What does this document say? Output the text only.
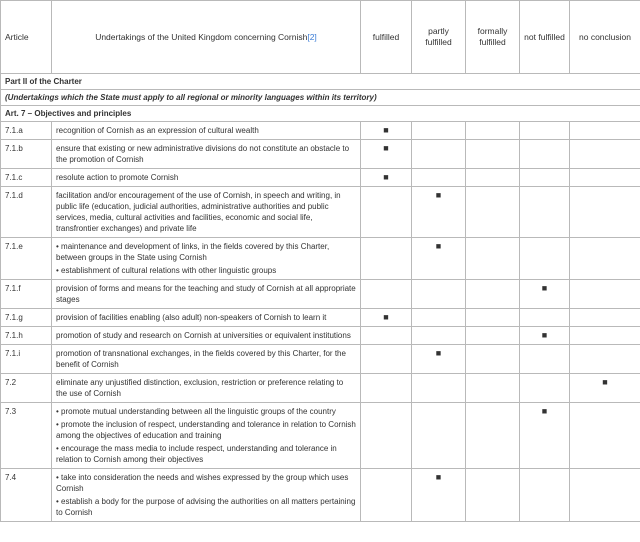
Article	Undertakings of the United Kingdom concerning Cornish[2]	fulfilled	partly fulfilled	formally fulfilled	not fulfilled	no conclusion
Part II of the Charter						
(Undertakings which the State must apply to all regional or minority languages within its territory)						
Art. 7 – Objectives and principles						
7.1.a	recognition of Cornish as an expression of cultural wealth	■				
7.1.b	ensure that existing or new administrative divisions do not constitute an obstacle to the promotion of Cornish	■				
7.1.c	resolute action to promote Cornish	■				
7.1.d	facilitation and/or encouragement of the use of Cornish, in speech and writing, in public life (education, judicial authorities, administrative authorities and public services, media, cultural activities and facilities, economic and social life, transfrontier exchanges) and private life		■			
7.1.e	• maintenance and development of links, in the fields covered by this Charter, between groups in the State using Cornish
• establishment of cultural relations with other linguistic groups		■			
7.1.f	provision of forms and means for the teaching and study of Cornish at all appropriate stages				■	
7.1.g	provision of facilities enabling (also adult) non-speakers of Cornish to learn it	■				
7.1.h	promotion of study and research on Cornish at universities or equivalent institutions				■	
7.1.i	promotion of transnational exchanges, in the fields covered by this Charter, for the benefit of Cornish		■			
7.2	eliminate any unjustified distinction, exclusion, restriction or preference relating to the use of Cornish					■
7.3	• promote mutual understanding between all the linguistic groups of the country
• promote the inclusion of respect, understanding and tolerance in relation to Cornish among the objectives of education and training
• encourage the mass media to include respect, understanding and tolerance in relation to Cornish among their objectives				■	
7.4	• take into consideration the needs and wishes expressed by the group which uses Cornish
• establish a body for the purpose of advising the authorities on all matters pertaining to Cornish		■			
